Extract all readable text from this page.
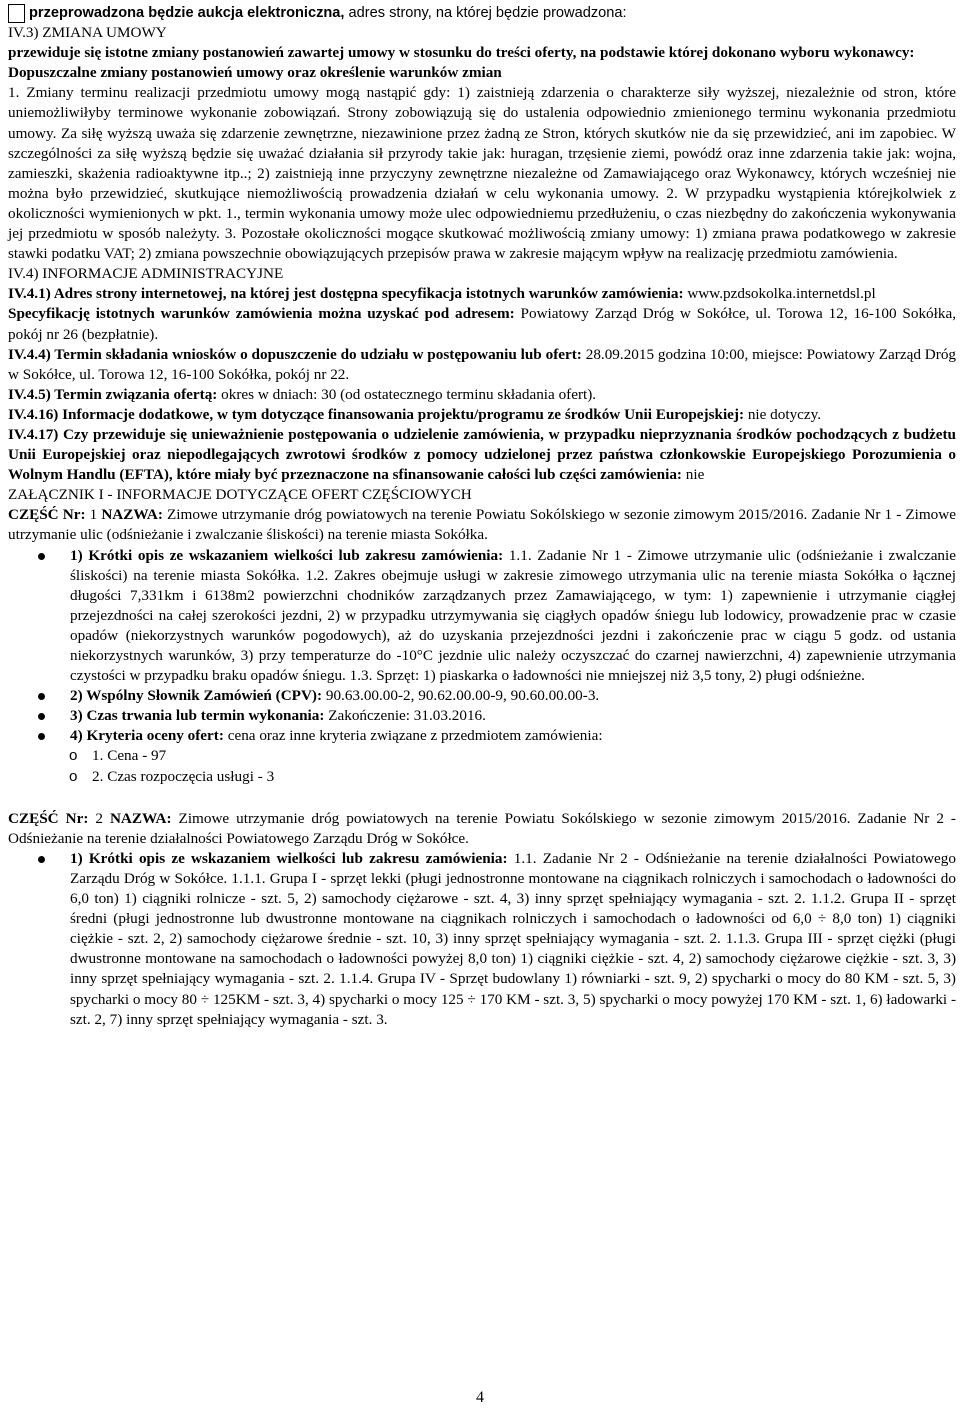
przeprowadzona będzie aukcja elektroniczna, adres strony, na której będzie prowadzona:

IV.3) ZMIANA UMOWY

przewiduje się istotne zmiany postanowień zawartej umowy w stosunku do treści oferty, na podstawie której dokonano wyboru wykonawcy:

Dopuszczalne zmiany postanowień umowy oraz określenie warunków zmian

1. Zmiany terminu realizacji przedmiotu umowy mogą nastąpić gdy: 1) zaistnieją zdarzenia o charakterze siły wyższej, niezależnie od stron, które uniemożliwiłyby terminowe wykonanie zobowiązań. Strony zobowiązują się do ustalenia odpowiednio zmienionego terminu wykonania przedmiotu umowy. Za siłę wyższą uważa się zdarzenie zewnętrzne, niezawinione przez żadną ze Stron, których skutków nie da się przewidzieć, ani im zapobiec. W szczególności za siłę wyższą będzie się uważać działania sił przyrody takie jak: huragan, trzęsienie ziemi, powódź oraz inne zdarzenia takie jak: wojna, zamieszki, skażenia radioaktywne itp..; 2) zaistnieją inne przyczyny zewnętrzne niezależne od Zamawiającego oraz Wykonawcy, których wcześniej nie można było przewidzieć, skutkujące niemożliwością prowadzenia działań w celu wykonania umowy. 2. W przypadku wystąpienia którejkolwiek z okoliczności wymienionych w pkt. 1., termin wykonania umowy może ulec odpowiedniemu przedłużeniu, o czas niezbędny do zakończenia wykonywania jej przedmiotu w sposób należyty. 3. Pozostałe okoliczności mogące skutkować możliwością zmiany umowy: 1) zmiana prawa podatkowego w zakresie stawki podatku VAT; 2) zmiana powszechnie obowiązujących przepisów prawa w zakresie mającym wpływ na realizację przedmiotu zamówienia.

IV.4) INFORMACJE ADMINISTRACYJNE

IV.4.1) Adres strony internetowej, na której jest dostępna specyfikacja istotnych warunków zamówienia: www.pzdsokolka.internetdsl.pl

Specyfikację istotnych warunków zamówienia można uzyskać pod adresem: Powiatowy Zarząd Dróg w Sokółce, ul. Torowa 12, 16-100 Sokółka, pokój nr 26 (bezpłatnie).

IV.4.4) Termin składania wniosków o dopuszczenie do udziału w postępowaniu lub ofert: 28.09.2015 godzina 10:00, miejsce: Powiatowy Zarząd Dróg w Sokółce, ul. Torowa 12, 16-100 Sokółka, pokój nr 22.

IV.4.5) Termin związania ofertą: okres w dniach: 30 (od ostatecznego terminu składania ofert).

IV.4.16) Informacje dodatkowe, w tym dotyczące finansowania projektu/programu ze środków Unii Europejskiej: nie dotyczy.

IV.4.17) Czy przewiduje się unieważnienie postępowania o udzielenie zamówienia, w przypadku nieprzyznania środków pochodzących z budżetu Unii Europejskiej oraz niepodlegających zwrotowi środków z pomocy udzielonej przez państwa członkowskie Europejskiego Porozumienia o Wolnym Handlu (EFTA), które miały być przeznaczone na sfinansowanie całości lub części zamówienia: nie

ZAŁĄCZNIK I - INFORMACJE DOTYCZĄCE OFERT CZĘŚCIOWYCH

CZĘŚĆ Nr: 1 NAZWA: Zimowe utrzymanie dróg powiatowych na terenie Powiatu Sokólskiego w sezonie zimowym 2015/2016. Zadanie Nr 1 - Zimowe utrzymanie ulic (odśnieżanie i zwalczanie śliskości) na terenie miasta Sokółka.

1) Krótki opis ze wskazaniem wielkości lub zakresu zamówienia: 1.1. Zadanie Nr 1 - Zimowe utrzymanie ulic (odśnieżanie i zwalczanie śliskości) na terenie miasta Sokółka. 1.2. Zakres obejmuje usługi w zakresie zimowego utrzymania ulic na terenie miasta Sokółka o łącznej długości 7,331km i 6138m2 powierzchni chodników zarządzanych przez Zamawiającego, w tym: 1) zapewnienie i utrzymanie ciągłej przejezdności na całej szerokości jezdni, 2) w przypadku utrzymywania się ciągłych opadów śniegu lub lodowicy, prowadzenie prac w czasie opadów (niekorzystnych warunków pogodowych), aż do uzyskania przejezdności jezdni i zakończenie prac w ciągu 5 godz. od ustania niekorzystnych warunków, 3) przy temperaturze do -10°C jezdnie ulic należy oczyszczać do czarnej nawierzchni, 4) zapewnienie utrzymania czystości w przypadku braku opadów śniegu. 1.3. Sprzęt: 1) piaskarka o ładowności nie mniejszej niż 3,5 tony, 2) pługi odśnieżne.
2) Wspólny Słownik Zamówień (CPV): 90.63.00.00-2, 90.62.00.00-9, 90.60.00.00-3.
3) Czas trwania lub termin wykonania: Zakończenie: 31.03.2016.
4) Kryteria oceny ofert: cena oraz inne kryteria związane z przedmiotem zamówienia:
o 1. Cena - 97
o 2. Czas rozpoczęcia usługi - 3

CZĘŚĆ Nr: 2 NAZWA: Zimowe utrzymanie dróg powiatowych na terenie Powiatu Sokólskiego w sezonie zimowym 2015/2016. Zadanie Nr 2 - Odśnieżanie na terenie działalności Powiatowego Zarządu Dróg w Sokółce.

1) Krótki opis ze wskazaniem wielkości lub zakresu zamówienia: 1.1. Zadanie Nr 2 - Odśnieżanie na terenie działalności Powiatowego Zarządu Dróg w Sokółce. 1.1.1. Grupa I - sprzęt lekki (pługi jednostronne montowane na ciągnikach rolniczych i samochodach o ładowności do 6,0 ton) 1) ciągniki rolnicze - szt. 5, 2) samochody ciężarowe - szt. 4, 3) inny sprzęt spełniający wymagania - szt. 2. 1.1.2. Grupa II - sprzęt średni (pługi jednostronne lub dwustronne montowane na ciągnikach rolniczych i samochodach o ładowności od 6,0 ÷ 8,0 ton) 1) ciągniki ciężkie - szt. 2, 2) samochody ciężarowe średnie - szt. 10, 3) inny sprzęt spełniający wymagania - szt. 2. 1.1.3. Grupa III - sprzęt ciężki (pługi dwustronne montowane na samochodach o ładowności powyżej 8,0 ton) 1) ciągniki ciężkie - szt. 4, 2) samochody ciężarowe ciężkie - szt. 3, 3) inny sprzęt spełniający wymagania - szt. 2. 1.1.4. Grupa IV - Sprzęt budowlany 1) równiarki - szt. 9, 2) spycharki o mocy do 80 KM - szt. 5, 3) spycharki o mocy 80 ÷ 125KM - szt. 3, 4) spycharki o mocy 125 ÷ 170 KM - szt. 3, 5) spycharki o mocy powyżej 170 KM - szt. 1, 6) ładowarki - szt. 2, 7) inny sprzęt spełniający wymagania - szt. 3.
4
